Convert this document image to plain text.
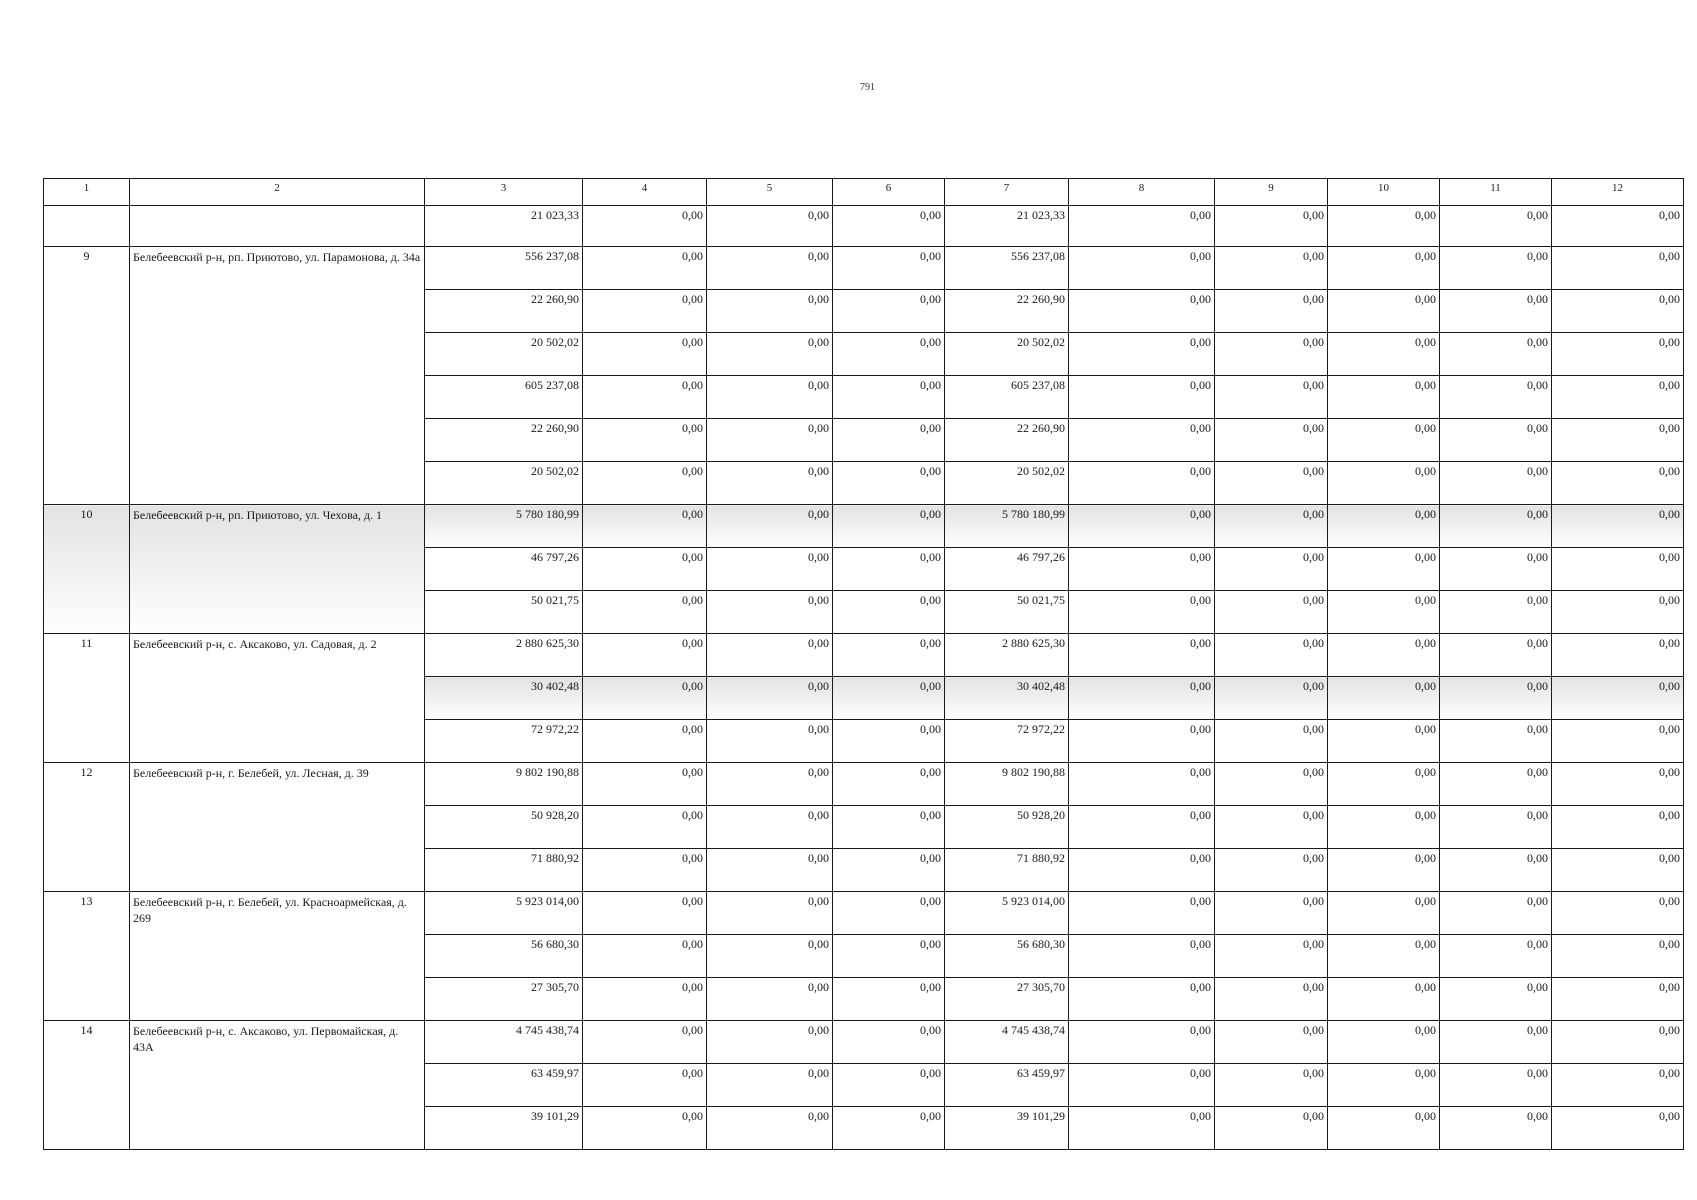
791
1	2	3	4	5	6	7	8	9	10	11	12
		21 023,33	0,00	0,00	0,00	21 023,33	0,00	0,00	0,00	0,00	0,00
9	Белебеевский р-н, рп. Приютово, ул. Парамонова, д. 34а	556 237,08	0,00	0,00	0,00	556 237,08	0,00	0,00	0,00	0,00	0,00
		22 260,90	0,00	0,00	0,00	22 260,90	0,00	0,00	0,00	0,00	0,00
		20 502,02	0,00	0,00	0,00	20 502,02	0,00	0,00	0,00	0,00	0,00
		605 237,08	0,00	0,00	0,00	605 237,08	0,00	0,00	0,00	0,00	0,00
		22 260,90	0,00	0,00	0,00	22 260,90	0,00	0,00	0,00	0,00	0,00
		20 502,02	0,00	0,00	0,00	20 502,02	0,00	0,00	0,00	0,00	0,00
10	Белебеевский р-н, рп. Приютово, ул. Чехова, д. 1	5 780 180,99	0,00	0,00	0,00	5 780 180,99	0,00	0,00	0,00	0,00	0,00
		46 797,26	0,00	0,00	0,00	46 797,26	0,00	0,00	0,00	0,00	0,00
		50 021,75	0,00	0,00	0,00	50 021,75	0,00	0,00	0,00	0,00	0,00
11	Белебеевский р-н, с. Аксаково, ул. Садовая, д. 2	2 880 625,30	0,00	0,00	0,00	2 880 625,30	0,00	0,00	0,00	0,00	0,00
		30 402,48	0,00	0,00	0,00	30 402,48	0,00	0,00	0,00	0,00	0,00
		72 972,22	0,00	0,00	0,00	72 972,22	0,00	0,00	0,00	0,00	0,00
12	Белебеевский р-н, г. Белебей, ул. Лесная, д. 39	9 802 190,88	0,00	0,00	0,00	9 802 190,88	0,00	0,00	0,00	0,00	0,00
		50 928,20	0,00	0,00	0,00	50 928,20	0,00	0,00	0,00	0,00	0,00
		71 880,92	0,00	0,00	0,00	71 880,92	0,00	0,00	0,00	0,00	0,00
13	Белебеевский р-н, г. Белебей, ул. Красноармейская, д. 269	5 923 014,00	0,00	0,00	0,00	5 923 014,00	0,00	0,00	0,00	0,00	0,00
		56 680,30	0,00	0,00	0,00	56 680,30	0,00	0,00	0,00	0,00	0,00
		27 305,70	0,00	0,00	0,00	27 305,70	0,00	0,00	0,00	0,00	0,00
14	Белебеевский р-н, с. Аксаково, ул. Первомайская, д. 43А	4 745 438,74	0,00	0,00	0,00	4 745 438,74	0,00	0,00	0,00	0,00	0,00
		63 459,97	0,00	0,00	0,00	63 459,97	0,00	0,00	0,00	0,00	0,00
		39 101,29	0,00	0,00	0,00	39 101,29	0,00	0,00	0,00	0,00	0,00
